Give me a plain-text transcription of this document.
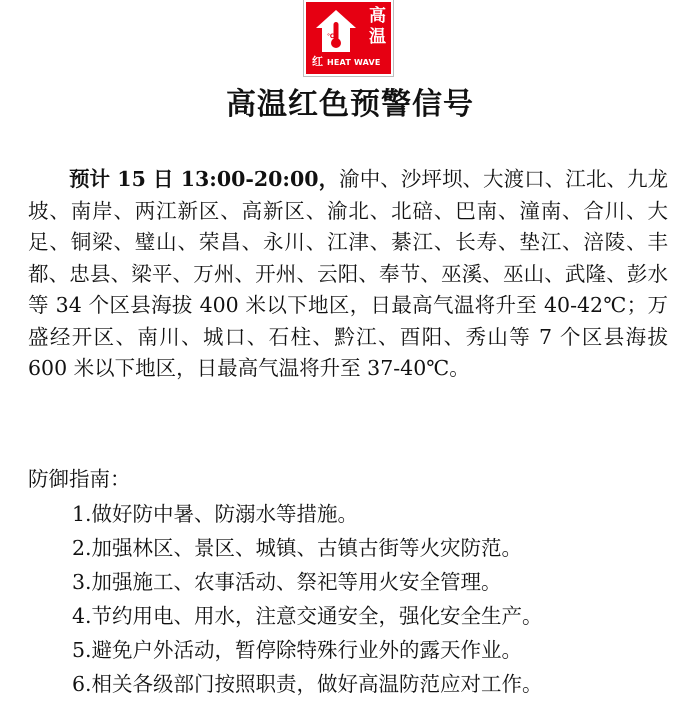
℃
高
温
红 HEAT WAVE
高温红色预警信号

预计 15 日 13:00-20:00，渝中、沙坪坝、大渡口、江北、九龙坡、南岸、两江新区、高新区、渝北、北碚、巴南、潼南、合川、大足、铜梁、璧山、荣昌、永川、江津、綦江、长寿、垫江、涪陵、丰都、忠县、梁平、万州、开州、云阳、奉节、巫溪、巫山、武隆、彭水等 34 个区县海拔 400 米以下地区，日最高气温将升至 40-42℃；万盛经开区、南川、城口、石柱、黔江、酉阳、秀山等 7 个区县海拔 600 米以下地区，日最高气温将升至 37-40℃。

防御指南：
1.做好防中暑、防溺水等措施。
2.加强林区、景区、城镇、古镇古街等火灾防范。
3.加强施工、农事活动、祭祀等用火安全管理。
4.节约用电、用水，注意交通安全，强化安全生产。
5.避免户外活动，暂停除特殊行业外的露天作业。
6.相关各级部门按照职责，做好高温防范应对工作。
